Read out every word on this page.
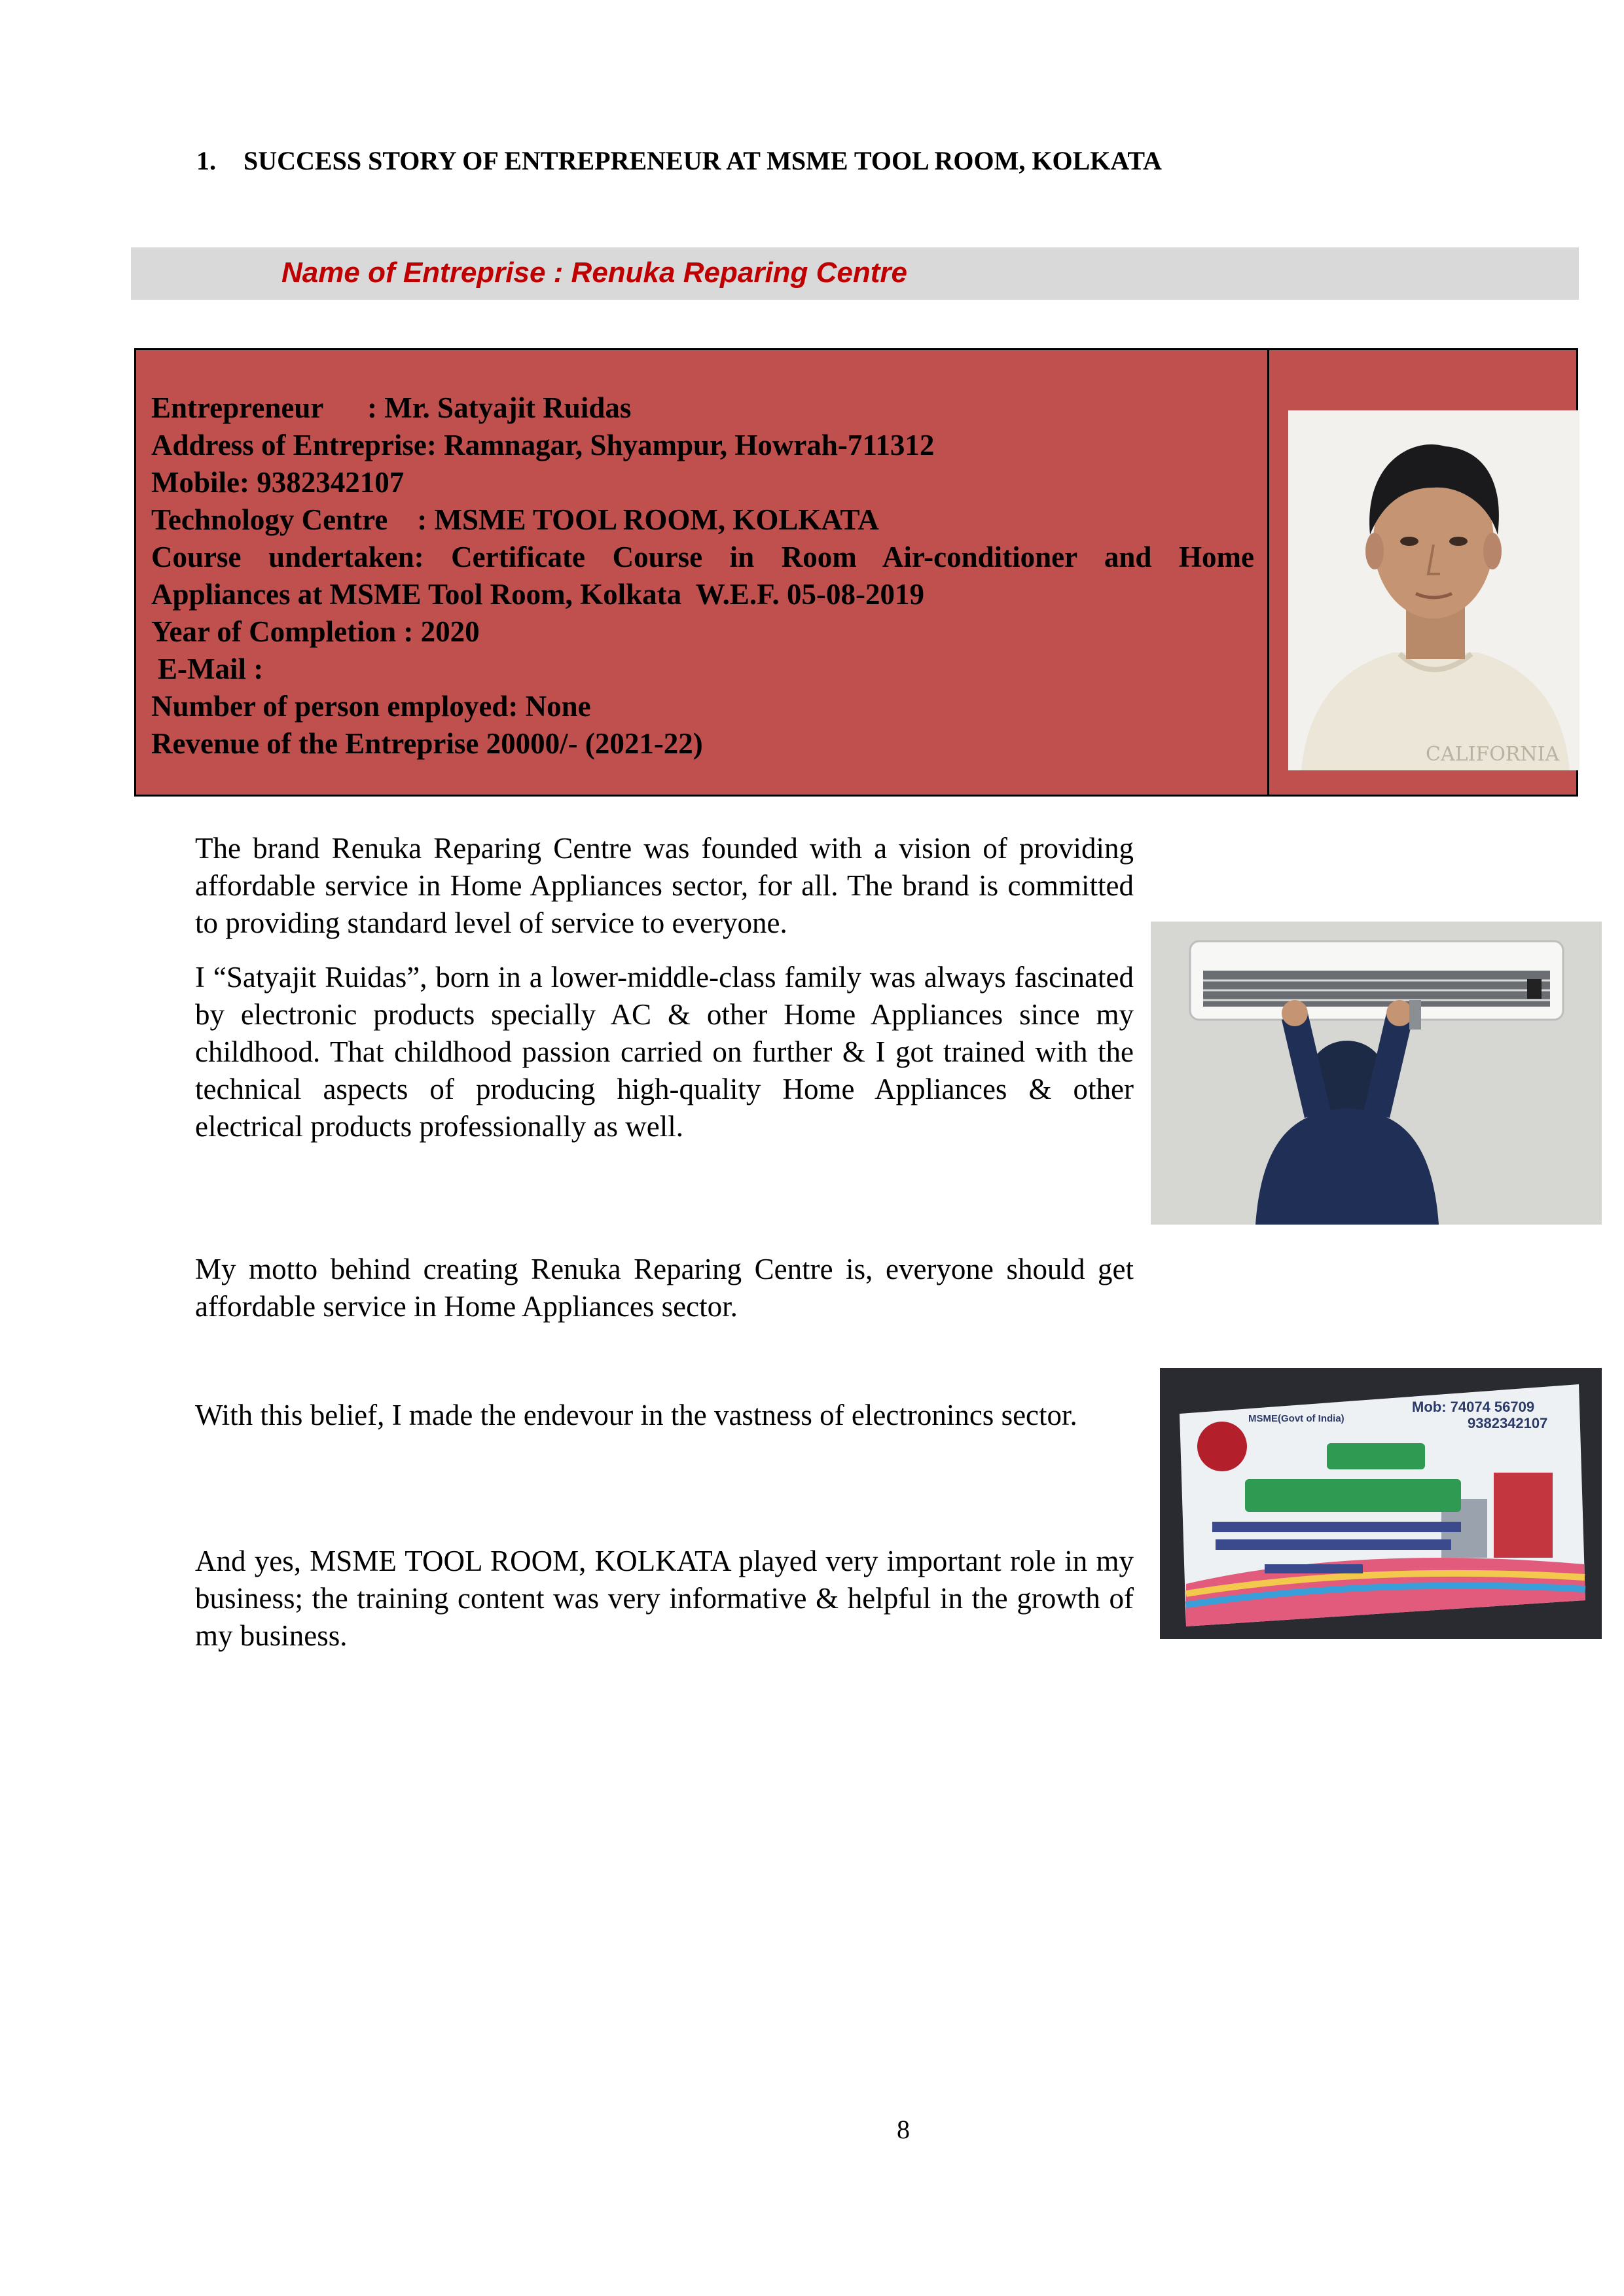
1. SUCCESS STORY OF ENTREPRENEUR AT MSME TOOL ROOM, KOLKATA
Name of Entreprise : Renuka Reparing Centre
Entrepreneur      : Mr. Satyajit Ruidas
Address of Entreprise: Ramnagar, Shyampur, Howrah-711312
Mobile: 9382342107
Technology Centre    : MSME TOOL ROOM, KOLKATA
Course undertaken: Certificate Course in Room Air-conditioner and Home
Appliances at MSME Tool Room, Kolkata  W.E.F. 05-08-2019
Year of Completion : 2020
E-Mail :
Number of person employed: None
Revenue of the Entreprise 20000/- (2021-22)	CALIFORNIA

The brand Renuka Reparing Centre was founded with a vision of providing affordable service in Home Appliances sector, for all. The brand is committed to providing standard level of service to everyone.

I “Satyajit Ruidas”, born in a lower-middle-class family was always fascinated by electronic products specially AC & other Home Appliances since my childhood. That childhood passion carried on further & I got trained with the technical aspects of producing high-quality Home Appliances & other electrical products professionally as well.

My motto behind creating Renuka Reparing Centre is, everyone should get affordable service in Home Appliances sector.

With this belief, I made the endevour in the vastness of electronincs sector.

And yes, MSME TOOL ROOM, KOLKATA played very important role in my business; the training content was very informative & helpful in the growth of my business.

Mob: 74074 56709
9382342107
MSME(Govt of India)
8
